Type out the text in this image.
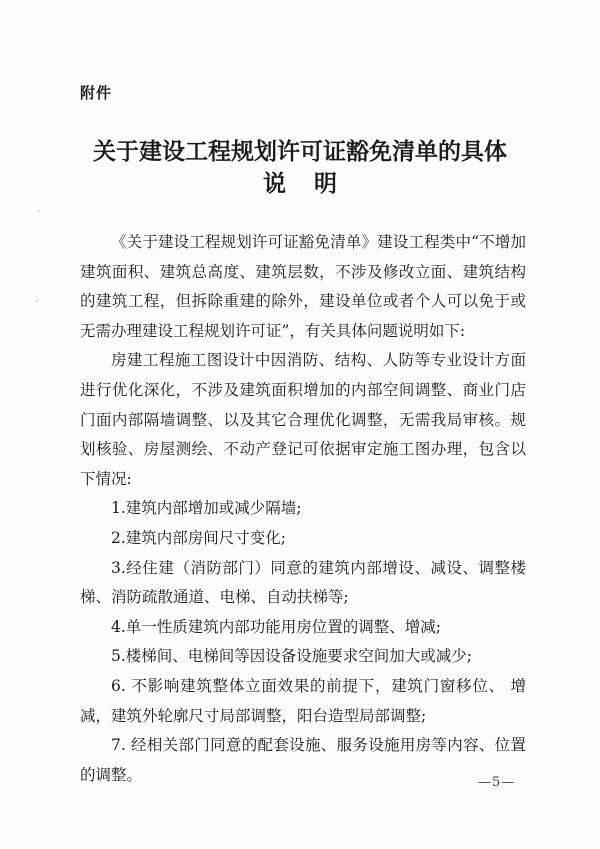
附件
关于建设工程规划许可证豁免清单的具体
说明

《关于建设工程规划许可证豁免清单》建设工程类中“不增加建筑面积、建筑总高度、建筑层数，不涉及修改立面、建筑结构的建筑工程，但拆除重建的除外，建设单位或者个人可以免于或无需办理建设工程规划许可证”，有关具体问题说明如下:

房建工程施工图设计中因消防、结构、人防等专业设计方面进行优化深化，不涉及建筑面积增加的内部空间调整、商业门店门面内部隔墙调整、以及其它合理优化调整，无需我局审核。规划核验、房屋测绘、不动产登记可依据审定施工图办理，包含以下情况:

1.建筑内部增加或减少隔墙;

2.建筑内部房间尺寸变化;

3.经住建（消防部门）同意的建筑内部增设、减设、调整楼梯、消防疏散通道、电梯、自动扶梯等;

4.单一性质建筑内部功能用房位置的调整、增减;

5.楼梯间、电梯间等因设备设施要求空间加大或减少;

6. 不影响建筑整体立面效果的前提下，建筑门窗移位、 增减，建筑外轮廓尺寸局部调整，阳台造型局部调整;

7. 经相关部门同意的配套设施、服务设施用房等内容、位置的调整。	—5—
